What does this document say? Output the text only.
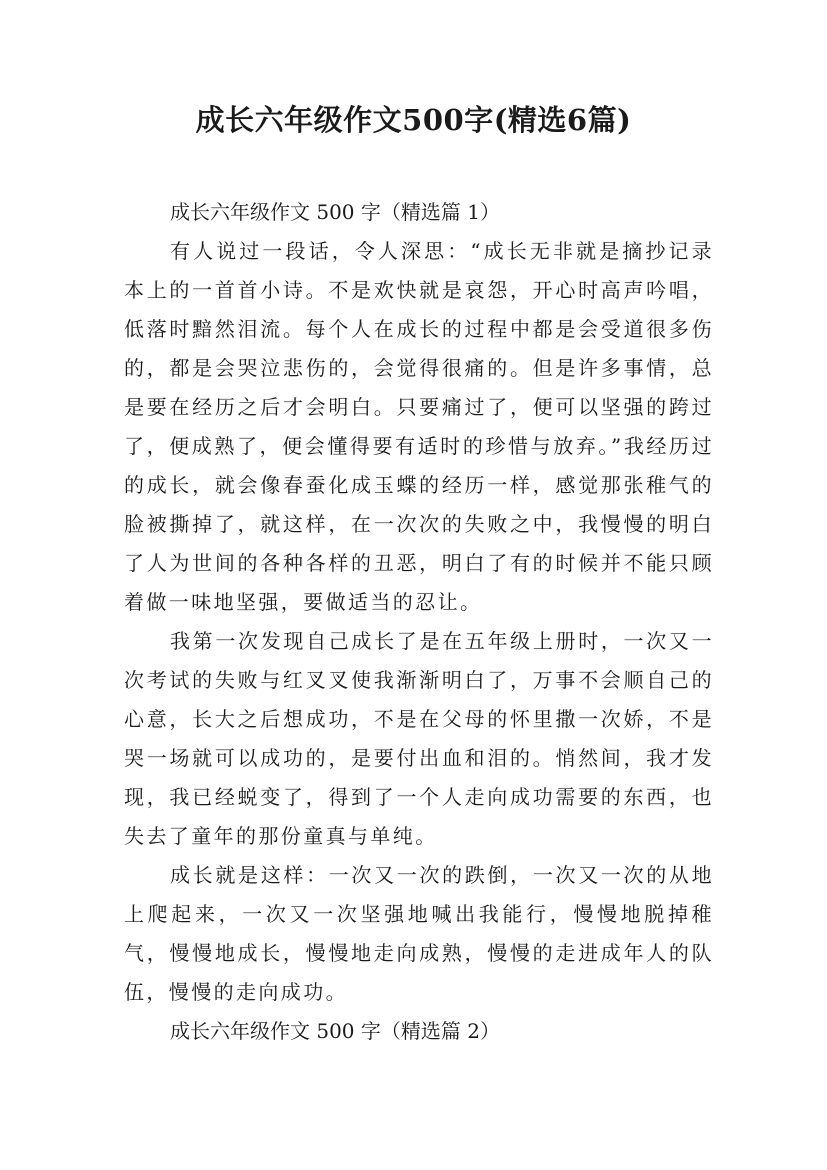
成长六年级作文500字(精选6篇)
成长六年级作文 500 字（精选篇 1）

有人说过一段话，令人深思：“成长无非就是摘抄记录本上的一首首小诗。不是欢快就是哀怨，开心时高声吟唱，低落时黯然泪流。每个人在成长的过程中都是会受道很多伤的，都是会哭泣悲伤的，会觉得很痛的。但是许多事情，总是要在经历之后才会明白。只要痛过了，便可以坚强的跨过了，便成熟了，便会懂得要有适时的珍惜与放弃。”我经历过的成长，就会像春蚕化成玉蝶的经历一样，感觉那张稚气的脸被撕掉了，就这样，在一次次的失败之中，我慢慢的明白了人为世间的各种各样的丑恶，明白了有的时候并不能只顾着做一味地坚强，要做适当的忍让。

我第一次发现自己成长了是在五年级上册时，一次又一次考试的失败与红叉叉使我渐渐明白了，万事不会顺自己的心意，长大之后想成功，不是在父母的怀里撒一次娇，不是哭一场就可以成功的，是要付出血和泪的。悄然间，我才发现，我已经蜕变了，得到了一个人走向成功需要的东西，也失去了童年的那份童真与单纯。

成长就是这样：一次又一次的跌倒，一次又一次的从地上爬起来，一次又一次坚强地喊出我能行，慢慢地脱掉稚气，慢慢地成长，慢慢地走向成熟，慢慢的走进成年人的队伍，慢慢的走向成功。

成长六年级作文 500 字（精选篇 2）
